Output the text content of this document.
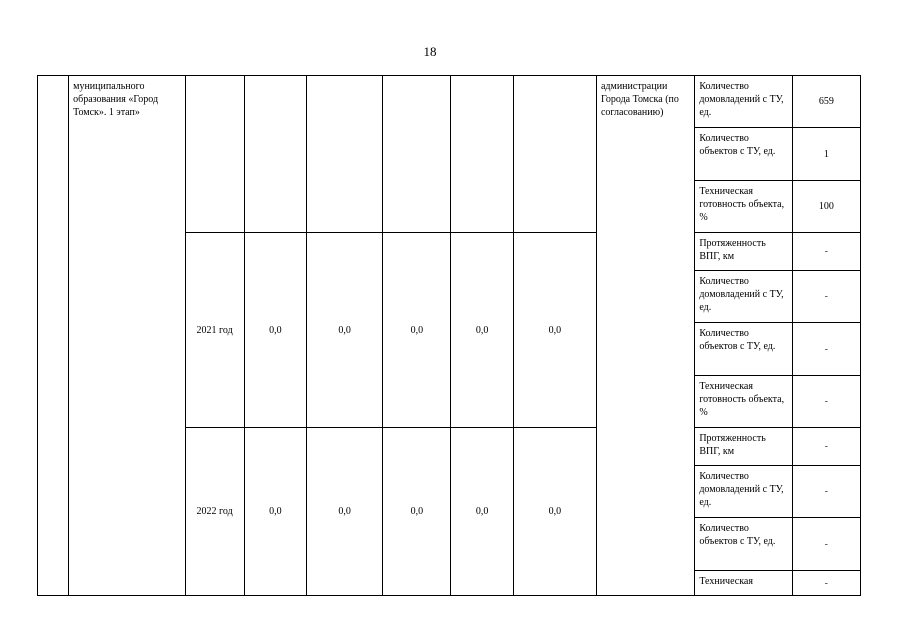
18
	муниципального образования «Город Томск». 1 этап»							администрации Города Томска (по согласованию)	Количество домовладений с ТУ, ед.	659
									Количество объектов с ТУ, ед.	1
									Техническая готовность объекта, %	100
		2021 год	0,0	0,0	0,0	0,0	0,0		Протяженность ВПГ, км	-
									Количество домовладений с ТУ, ед.	-
									Количество объектов с ТУ, ед.	-
									Техническая готовность объекта, %	-
		2022 год	0,0	0,0	0,0	0,0	0,0		Протяженность ВПГ, км	-
									Количество домовладений с ТУ, ед.	-
									Количество объектов с ТУ, ед.	-
									Техническая	-
